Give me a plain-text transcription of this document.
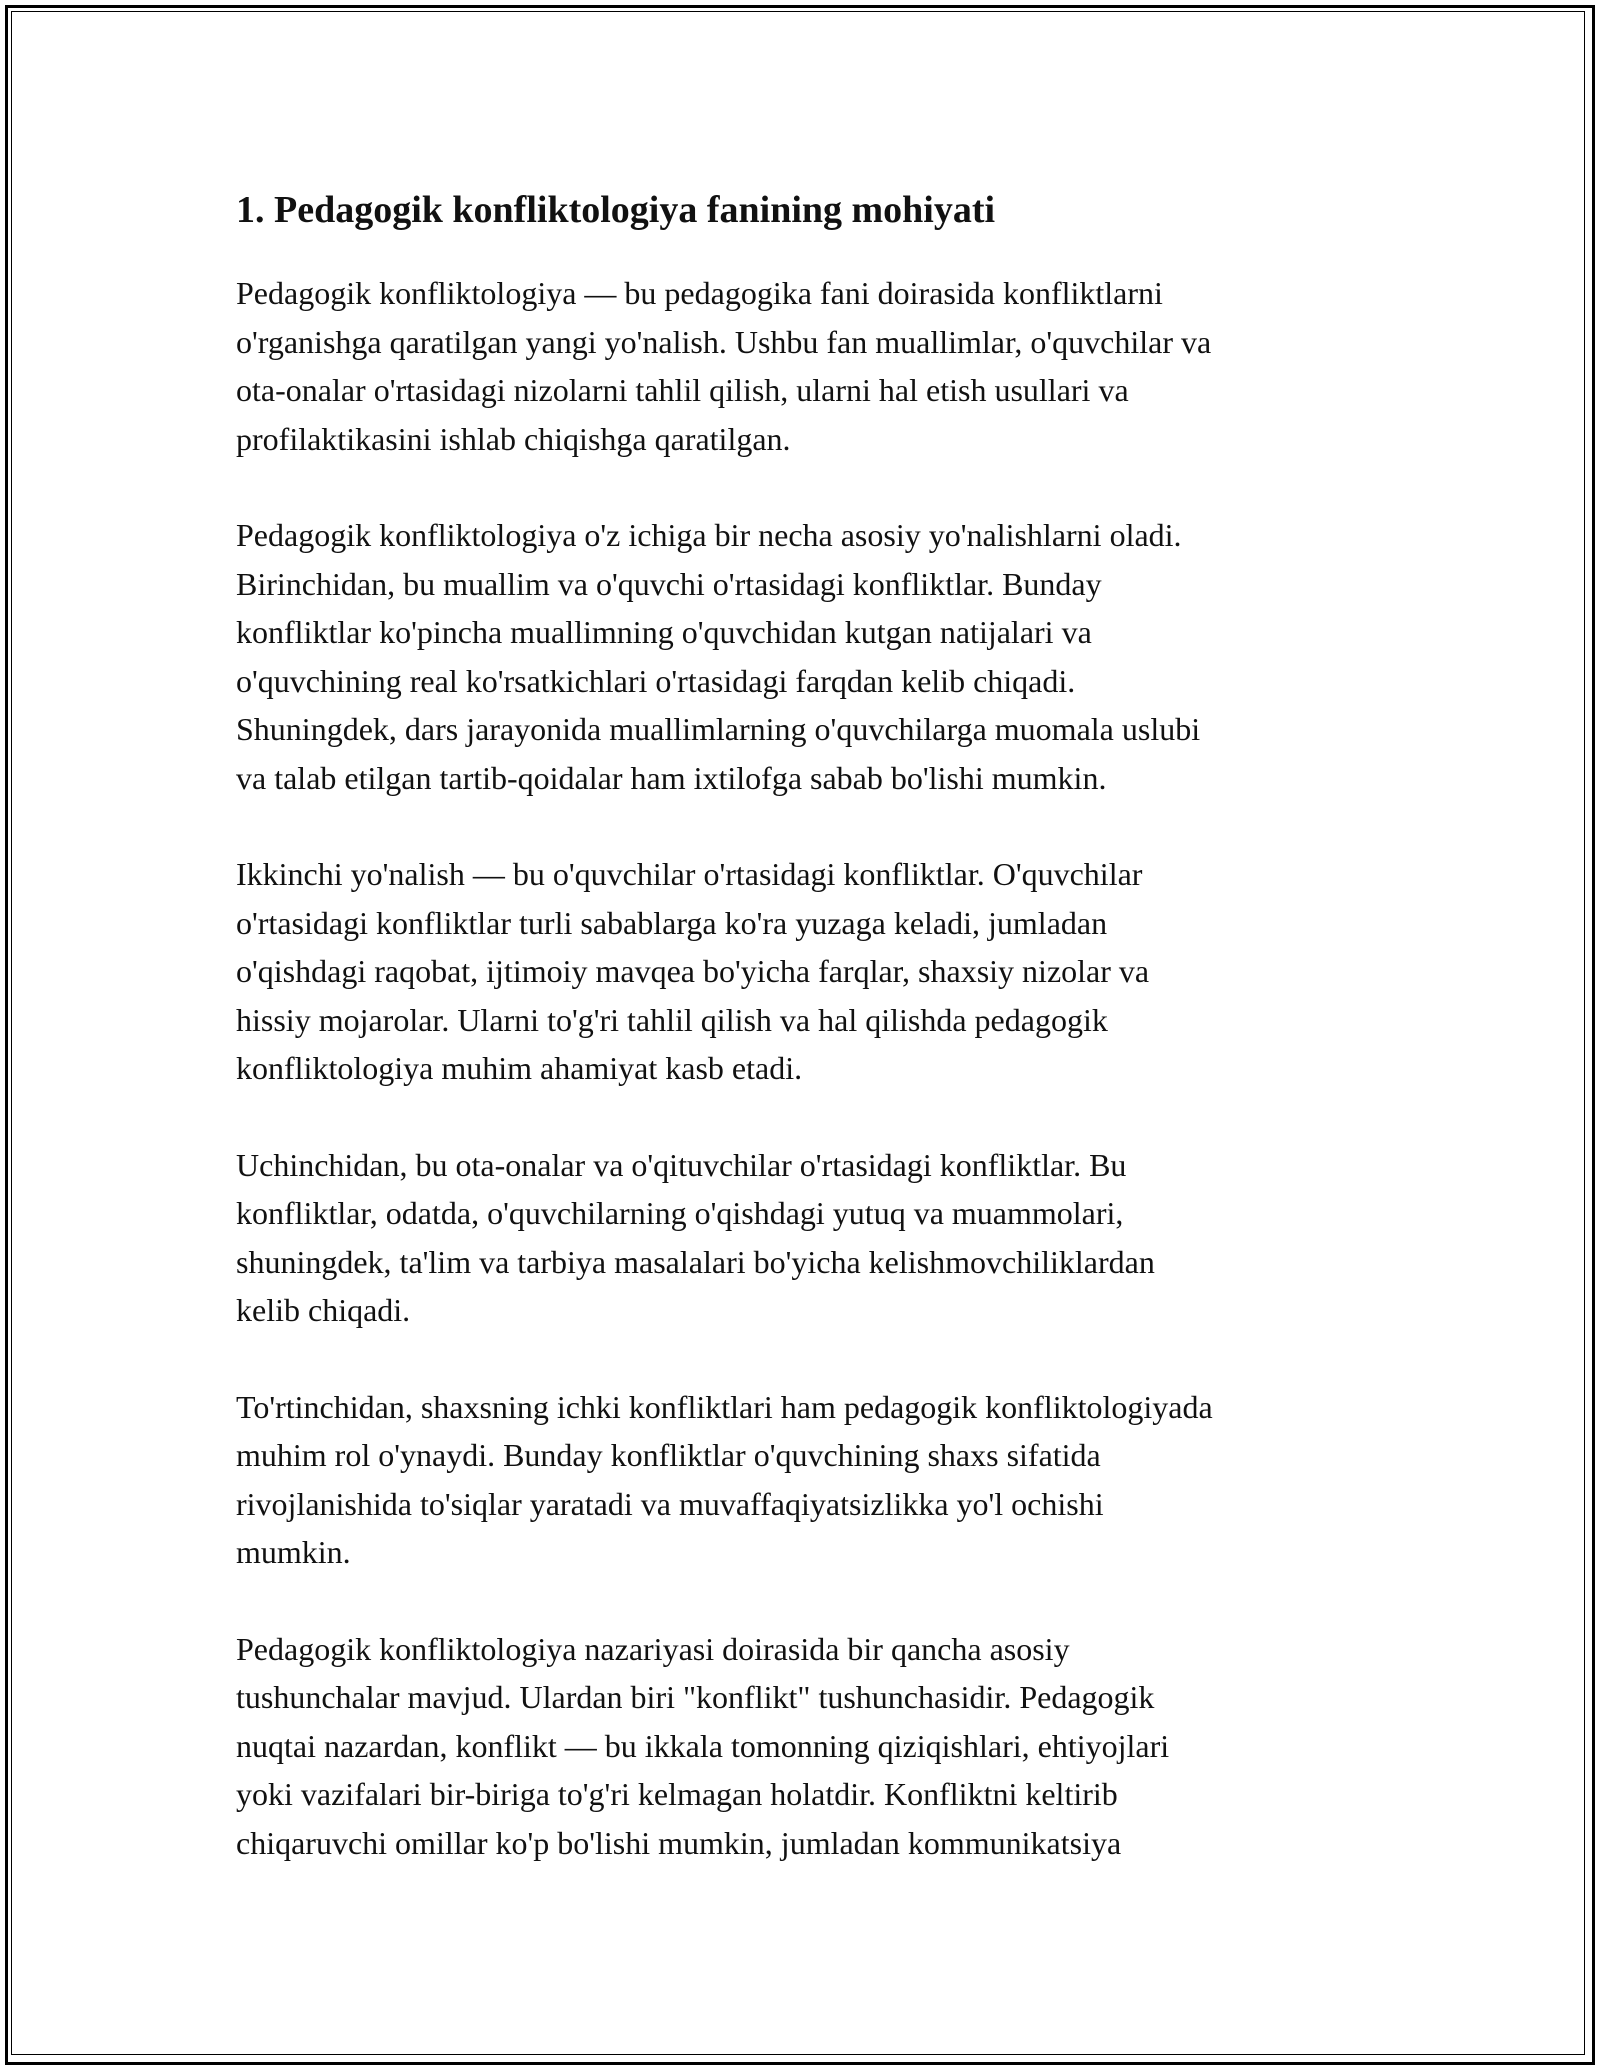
1. Pedagogik konfliktologiya fanining mohiyati

Pedagogik konfliktologiya — bu pedagogika fani doirasida konfliktlarni
o'rganishga qaratilgan yangi yo'nalish. Ushbu fan muallimlar, o'quvchilar va
ota-onalar o'rtasidagi nizolarni tahlil qilish, ularni hal etish usullari va
profilaktikasini ishlab chiqishga qaratilgan.

Pedagogik konfliktologiya o'z ichiga bir necha asosiy yo'nalishlarni oladi.
Birinchidan, bu muallim va o'quvchi o'rtasidagi konfliktlar. Bunday
konfliktlar ko'pincha muallimning o'quvchidan kutgan natijalari va
o'quvchining real ko'rsatkichlari o'rtasidagi farqdan kelib chiqadi.
Shuningdek, dars jarayonida muallimlarning o'quvchilarga muomala uslubi
va talab etilgan tartib-qoidalar ham ixtilofga sabab bo'lishi mumkin.

Ikkinchi yo'nalish — bu o'quvchilar o'rtasidagi konfliktlar. O'quvchilar
o'rtasidagi konfliktlar turli sabablarga ko'ra yuzaga keladi, jumladan
o'qishdagi raqobat, ijtimoiy mavqea bo'yicha farqlar, shaxsiy nizolar va
hissiy mojarolar. Ularni to'g'ri tahlil qilish va hal qilishda pedagogik
konfliktologiya muhim ahamiyat kasb etadi.

Uchinchidan, bu ota-onalar va o'qituvchilar o'rtasidagi konfliktlar. Bu
konfliktlar, odatda, o'quvchilarning o'qishdagi yutuq va muammolari,
shuningdek, ta'lim va tarbiya masalalari bo'yicha kelishmovchiliklardan
kelib chiqadi.

To'rtinchidan, shaxsning ichki konfliktlari ham pedagogik konfliktologiyada
muhim rol o'ynaydi. Bunday konfliktlar o'quvchining shaxs sifatida
rivojlanishida to'siqlar yaratadi va muvaffaqiyatsizlikka yo'l ochishi
mumkin.

Pedagogik konfliktologiya nazariyasi doirasida bir qancha asosiy
tushunchalar mavjud. Ulardan biri "konflikt" tushunchasidir. Pedagogik
nuqtai nazardan, konflikt — bu ikkala tomonning qiziqishlari, ehtiyojlari
yoki vazifalari bir-biriga to'g'ri kelmagan holatdir. Konfliktni keltirib
chiqaruvchi omillar ko'p bo'lishi mumkin, jumladan kommunikatsiya
